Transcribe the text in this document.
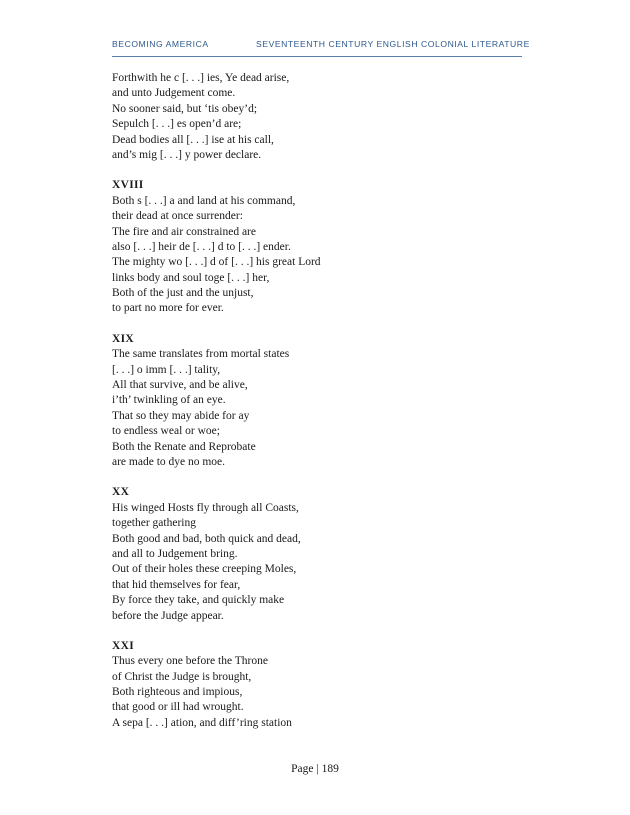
BECOMING AMERICA	SEVENTEENTH CENTURY ENGLISH COLONIAL LITERATURE
Forthwith he c [. . .] ies, Ye dead arise,
and unto Judgement come.
No sooner said, but ‘tis obey’d;
Sepulch [. . .] es open’d are;
Dead bodies all [. . .] ise at his call,
and’s mig [. . .] y power declare.
XVIII
Both s [. . .] a and land at his command,
their dead at once surrender:
The fire and air constrained are
also [. . .] heir de [. . .] d to [. . .] ender.
The mighty wo [. . .] d of [. . .] his great Lord
links body and soul toge [. . .] her,
Both of the just and the unjust,
to part no more for ever.
XIX
The same translates from mortal states
[. . .] o imm [. . .] tality,
All that survive, and be alive,
i’th’ twinkling of an eye.
That so they may abide for ay
to endless weal or woe;
Both the Renate and Reprobate
are made to dye no moe.
XX
His winged Hosts fly through all Coasts,
together gathering
Both good and bad, both quick and dead,
and all to Judgement bring.
Out of their holes these creeping Moles,
that hid themselves for fear,
By force they take, and quickly make
before the Judge appear.
XXI
Thus every one before the Throne
of Christ the Judge is brought,
Both righteous and impious,
that good or ill had wrought.
A sepa [. . .] ation, and diff’ring station
Page | 189
